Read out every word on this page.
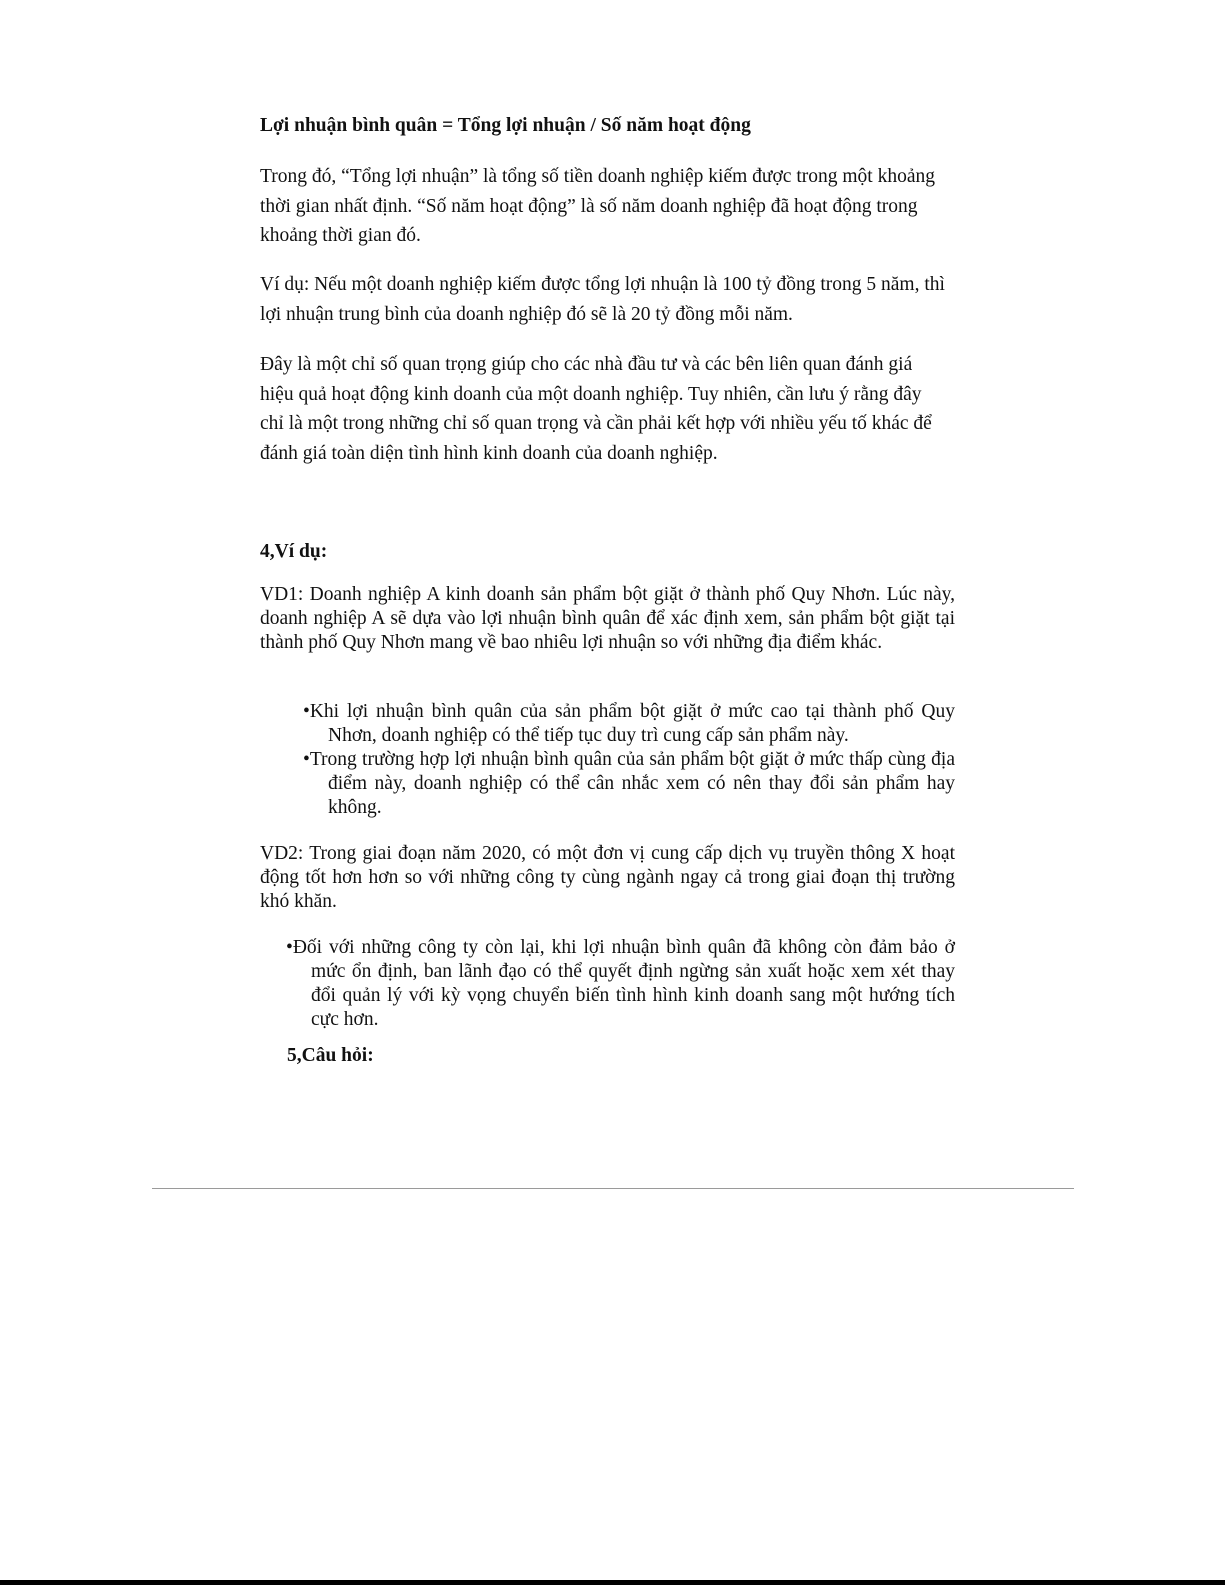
Lợi nhuận bình quân = Tổng lợi nhuận / Số năm hoạt động

Trong đó, “Tổng lợi nhuận” là tổng số tiền doanh nghiệp kiếm được trong một khoảng thời gian nhất định. “Số năm hoạt động” là số năm doanh nghiệp đã hoạt động trong khoảng thời gian đó.

Ví dụ: Nếu một doanh nghiệp kiếm được tổng lợi nhuận là 100 tỷ đồng trong 5 năm, thì lợi nhuận trung bình của doanh nghiệp đó sẽ là 20 tỷ đồng mỗi năm.

Đây là một chỉ số quan trọng giúp cho các nhà đầu tư và các bên liên quan đánh giá hiệu quả hoạt động kinh doanh của một doanh nghiệp. Tuy nhiên, cần lưu ý rằng đây chỉ là một trong những chỉ số quan trọng và cần phải kết hợp với nhiều yếu tố khác để đánh giá toàn diện tình hình kinh doanh của doanh nghiệp.

4,Ví dụ:

VD1: Doanh nghiệp A kinh doanh sản phẩm bột giặt ở thành phố Quy Nhơn. Lúc này, doanh nghiệp A sẽ dựa vào lợi nhuận bình quân để xác định xem, sản phẩm bột giặt tại thành phố Quy Nhơn mang về bao nhiêu lợi nhuận so với những địa điểm khác.

•Khi lợi nhuận bình quân của sản phẩm bột giặt ở mức cao tại thành phố Quy Nhơn, doanh nghiệp có thể tiếp tục duy trì cung cấp sản phẩm này.
•Trong trường hợp lợi nhuận bình quân của sản phẩm bột giặt ở mức thấp cùng địa điểm này, doanh nghiệp có thể cân nhắc xem có nên thay đổi sản phẩm hay không.

VD2: Trong giai đoạn năm 2020, có một đơn vị cung cấp dịch vụ truyền thông X hoạt động tốt hơn hơn so với những công ty cùng ngành ngay cả trong giai đoạn thị trường khó khăn.

•Đối với những công ty còn lại, khi lợi nhuận bình quân đã không còn đảm bảo ở mức ổn định, ban lãnh đạo có thể quyết định ngừng sản xuất hoặc xem xét thay đổi quản lý với kỳ vọng chuyển biến tình hình kinh doanh sang một hướng tích cực hơn.

5,Câu hỏi:
